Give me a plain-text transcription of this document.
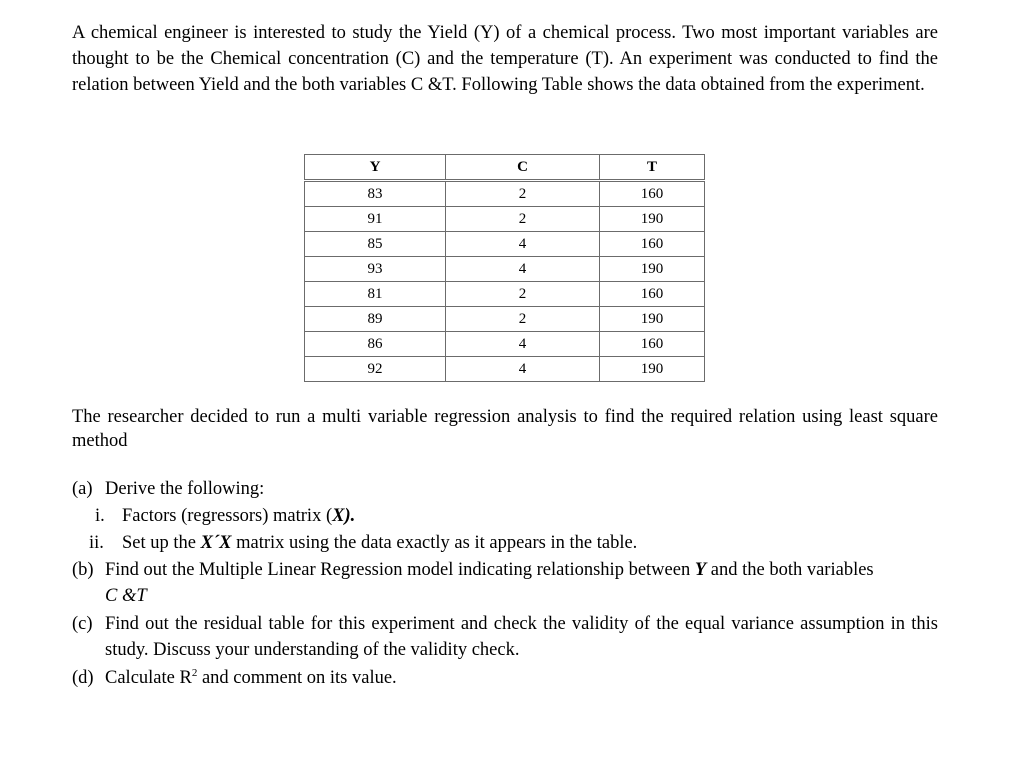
A chemical engineer is interested to study the Yield (Y) of a chemical process. Two most important variables are thought to be the Chemical concentration (C) and the temperature (T). An experiment was conducted to find the relation between Yield and the both variables C &T. Following Table shows the data obtained from the experiment.

Y	C	T
83	2	160
91	2	190
85	4	160
93	4	190
81	2	160
89	2	190
86	4	160
92	4	190

The researcher decided to run a multi variable regression analysis to find the required relation using least square method

(a) Derive the following:
i. Factors (regressors) matrix (X).
ii. Set up the X´X matrix using the data exactly as it appears in the table.
(b) Find out the Multiple Linear Regression model indicating relationship between Y and the both variables
C &T
(c) Find out the residual table for this experiment and check the validity of the equal variance assumption in this study. Discuss your understanding of the validity check.
(d) Calculate $R^2$ and comment on its value.
